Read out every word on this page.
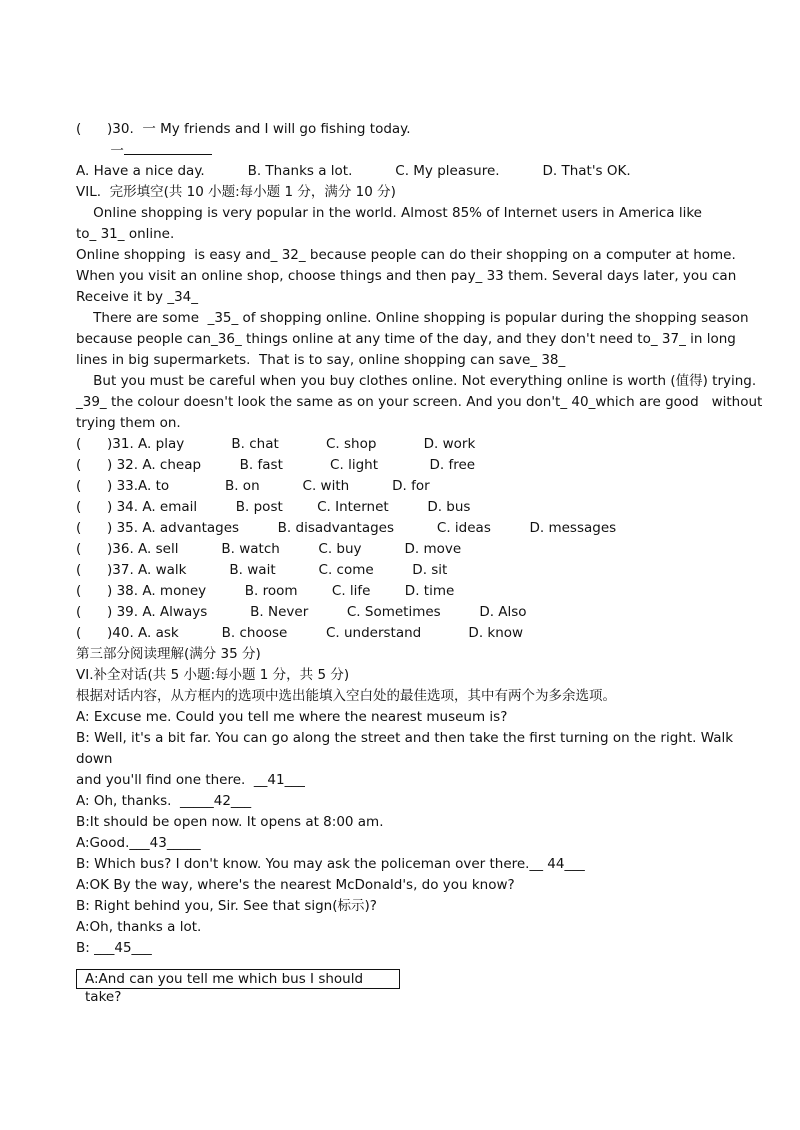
(      )30.  一 My friends and I will go fishing today.
一
A. Have a nice day.          B. Thanks a lot.          C. My pleasure.          D. That's OK.
VIL.  完形填空(共 10 小题:每小题 1 分，满分 10 分)
Online shopping is very popular in the world. Almost 85% of Internet users in America like
to_ 31_ online.
Online shopping  is easy and_ 32_ because people can do their shopping on a computer at home.
When you visit an online shop, choose things and then pay_ 33 them. Several days later, you can
Receive it by _34_
There are some  _35_ of shopping online. Online shopping is popular during the shopping season
because people can_36_ things online at any time of the day, and they don't need to_ 37_ in long
lines in big supermarkets.  That is to say, online shopping can save_ 38_
But you must be careful when you buy clothes online. Not everything online is worth (值得) trying.
_39_ the colour doesn't look the same as on your screen. And you don't_ 40_which are good   without
trying them on.
(      )31. A. play           B. chat           C. shop           D. work
(      ) 32. A. cheap         B. fast           C. light            D. free
(      ) 33.A. to             B. on          C. with          D. for
(      ) 34. A. email         B. post        C. Internet         D. bus
(      ) 35. A. advantages         B. disadvantages          C. ideas         D. messages
(      )36. A. sell          B. watch         C. buy          D. move
(      )37. A. walk          B. wait          C. come         D. sit
(      ) 38. A. money         B. room        C. life        D. time
(      ) 39. A. Always          B. Never         C. Sometimes         D. Also
(      )40. A. ask          B. choose         C. understand           D. know
第三部分阅读理解(满分 35 分)
VI.补全对话(共 5 小题:每小题 1 分，共 5 分)
根据对话内容，从方框内的选项中选出能填入空白处的最佳选项，其中有两个为多余选项。
A: Excuse me. Could you tell me where the nearest museum is?
B: Well, it's a bit far. You can go along the street and then take the first turning on the right. Walk
down
and you'll find one there.  __41___
A: Oh, thanks.  _____42___
B:It should be open now. It opens at 8:00 am.
A:Good.___43_____
B: Which bus? I don't know. You may ask the policeman over there.__ 44___
A:OK By the way, where's the nearest McDonald's, do you know?
B: Right behind you, Sir. See that sign(标示)?
A:Oh, thanks a lot.
B: ___45___
A:And can you tell me which bus I should take?
